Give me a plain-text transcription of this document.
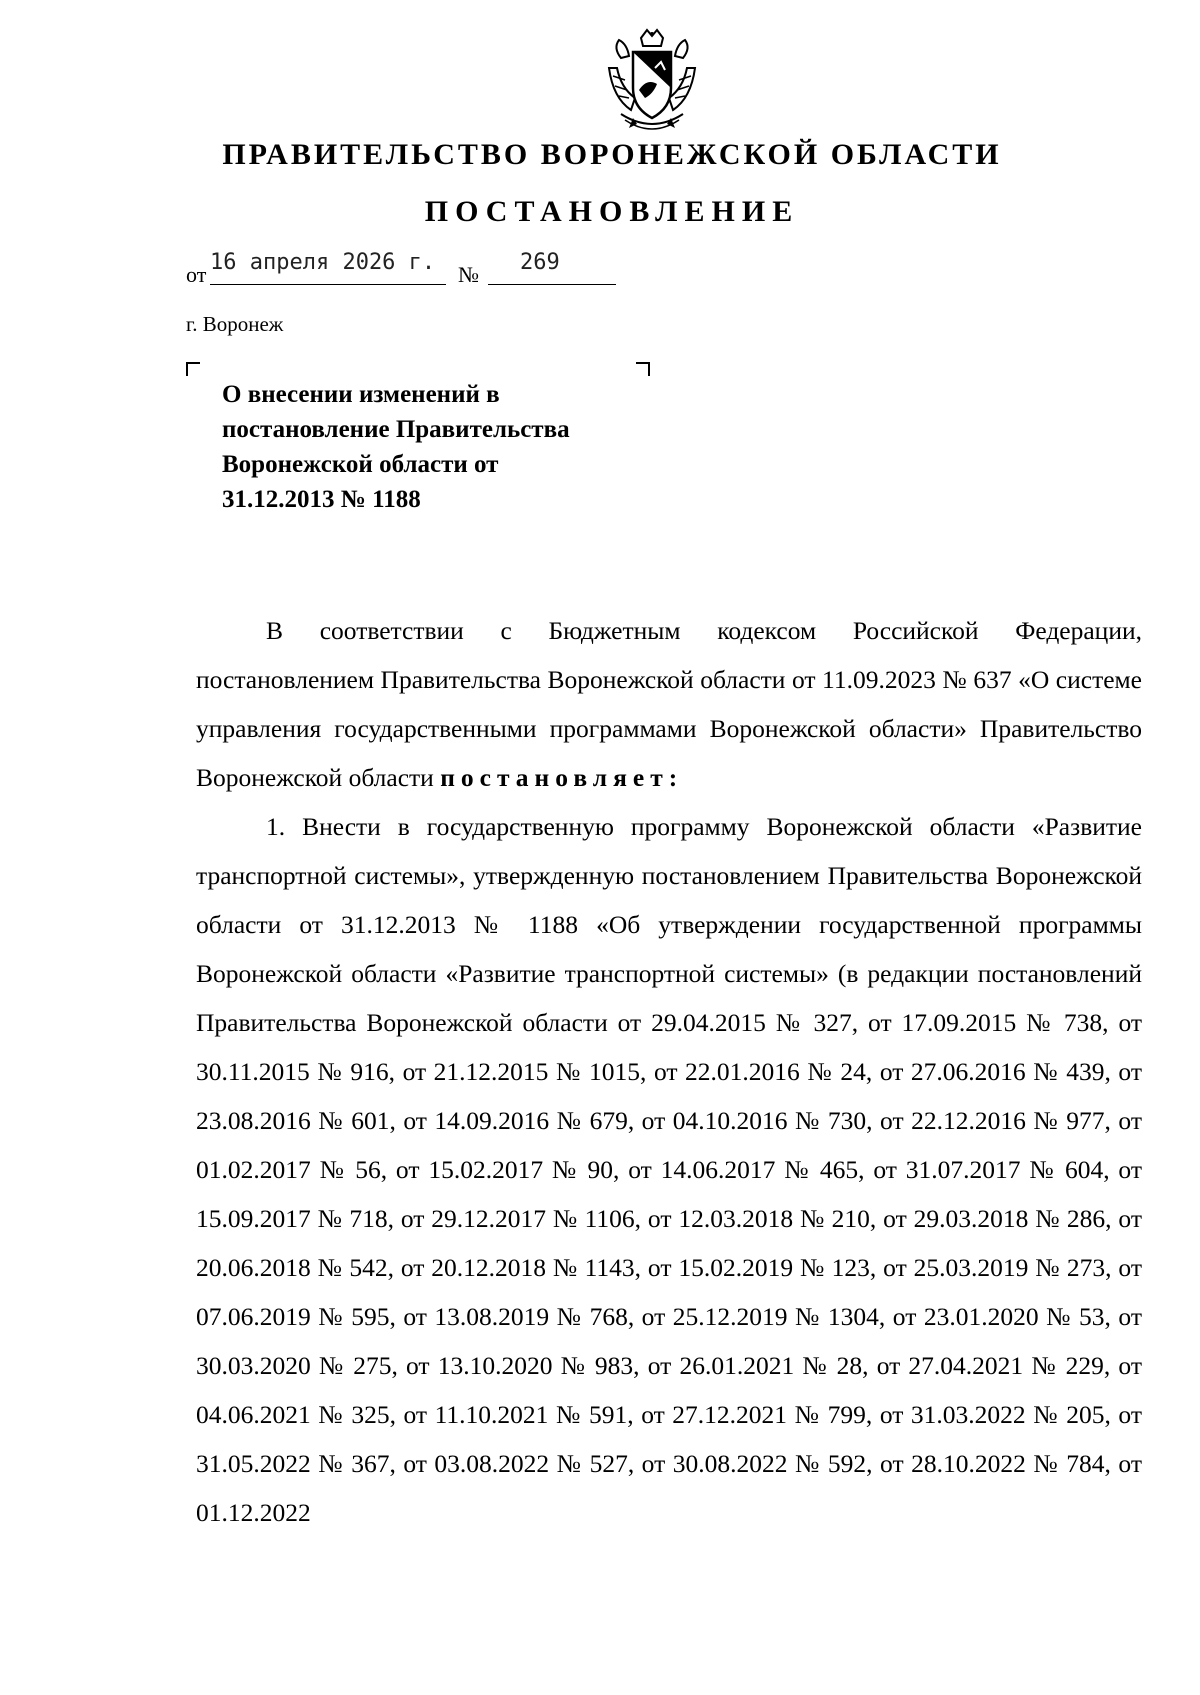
ПРАВИТЕЛЬСТВО ВОРОНЕЖСКОЙ ОБЛАСТИ
ПОСТАНОВЛЕНИЕ
от 16 апреля 2026 г. № 269
г. Воронеж
О внесении изменений в
постановление Правительства
Воронежской области от
31.12.2013 № 1188

В соответствии с Бюджетным кодексом Российской Федерации, постановлением Правительства Воронежской области от 11.09.2023 № 637 «О системе управления государственными программами Воронежской области» Правительство Воронежской области постановляет:

1. Внести в государственную программу Воронежской области «Развитие транспортной системы», утвержденную постановлением Правительства Воронежской области от 31.12.2013 № 1188 «Об утверждении государственной программы Воронежской области «Развитие транспортной системы» (в редакции постановлений Правительства Воронежской области от 29.04.2015 № 327, от 17.09.2015 № 738, от 30.11.2015 № 916, от 21.12.2015 № 1015, от 22.01.2016 № 24, от 27.06.2016 № 439, от 23.08.2016 № 601, от 14.09.2016 № 679, от 04.10.2016 № 730, от 22.12.2016 № 977, от 01.02.2017 № 56, от 15.02.2017 № 90, от 14.06.2017 № 465, от 31.07.2017 № 604, от 15.09.2017 № 718, от 29.12.2017 № 1106, от 12.03.2018 № 210, от 29.03.2018 № 286, от 20.06.2018 № 542, от 20.12.2018 № 1143, от 15.02.2019 № 123, от 25.03.2019 № 273, от 07.06.2019 № 595, от 13.08.2019 № 768, от 25.12.2019 № 1304, от 23.01.2020 № 53, от 30.03.2020 № 275, от 13.10.2020 № 983, от 26.01.2021 № 28, от 27.04.2021 № 229, от 04.06.2021 № 325, от 11.10.2021 № 591, от 27.12.2021 № 799, от 31.03.2022 № 205, от 31.05.2022 № 367, от 03.08.2022 № 527, от 30.08.2022 № 592, от 28.10.2022 № 784, от 01.12.2022
